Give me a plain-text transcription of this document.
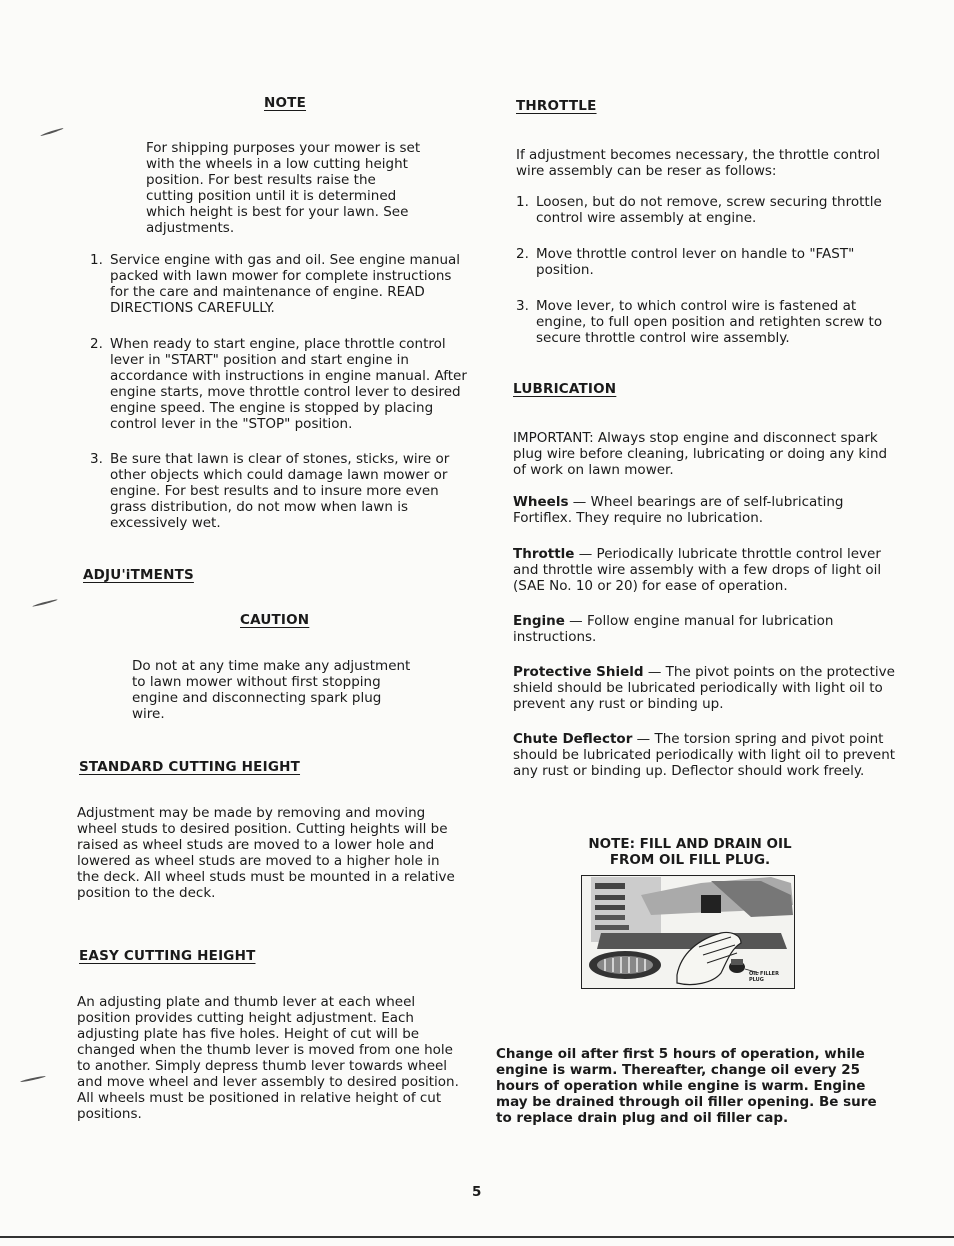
NOTE
For shipping purposes your mower is set with the wheels in a low cutting height position. For best results raise the cutting position until it is determined which height is best for your lawn. See adjustments.
1. Service engine with gas and oil. See engine manual packed with lawn mower for complete instructions for the care and maintenance of engine. READ DIRECTIONS CAREFULLY.
2. When ready to start engine, place throttle control lever in "START" position and start engine in accordance with instructions in engine manual. After engine starts, move throttle control lever to desired engine speed. The engine is stopped by placing control lever in the "STOP" position.
3. Be sure that lawn is clear of stones, sticks, wire or other objects which could damage lawn mower or engine. For best results and to insure more even grass distribution, do not mow when lawn is excessively wet.
ADJU'iTMENTS
CAUTION
Do not at any time make any adjustment to lawn mower without first stopping engine and disconnecting spark plug wire.
STANDARD CUTTING HEIGHT
Adjustment may be made by removing and moving wheel studs to desired position. Cutting heights will be raised as wheel studs are moved to a lower hole and lowered as wheel studs are moved to a higher hole in the deck. All wheel studs must be mounted in a relative position to the deck.
EASY CUTTING HEIGHT
An adjusting plate and thumb lever at each wheel position provides cutting height adjustment. Each adjusting plate has five holes. Height of cut will be changed when the thumb lever is moved from one hole to another. Simply depress thumb lever towards wheel and move wheel and lever assembly to desired position. All wheels must be positioned in relative height of cut positions.
THROTTLE
If adjustment becomes necessary, the throttle control wire assembly can be reser as follows:
1. Loosen, but do not remove, screw securing throttle control wire assembly at engine.
2. Move throttle control lever on handle to "FAST" position.
3. Move lever, to which control wire is fastened at engine, to full open position and retighten screw to secure throttle control wire assembly.
LUBRICATION
IMPORTANT: Always stop engine and disconnect spark plug wire before cleaning, lubricating or doing any kind of work on lawn mower.
Wheels — Wheel bearings are of self-lubricating Fortiflex. They require no lubrication.
Throttle — Periodically lubricate throttle control lever and throttle wire assembly with a few drops of light oil (SAE No. 10 or 20) for ease of operation.
Engine — Follow engine manual for lubrication instructions.
Protective Shield — The pivot points on the protective shield should be lubricated periodically with light oil to prevent any rust or binding up.
Chute Deflector — The torsion spring and pivot point should be lubricated periodically with light oil to prevent any rust or binding up. Deflector should work freely.
NOTE: FILL AND DRAIN OIL
FROM OIL FILL PLUG.
OIL FILLER PLUG
Change oil after first 5 hours of operation, while engine is warm. Thereafter, change oil every 25 hours of operation while engine is warm. Engine may be drained through oil filler opening. Be sure to replace drain plug and oil filler cap.
5
